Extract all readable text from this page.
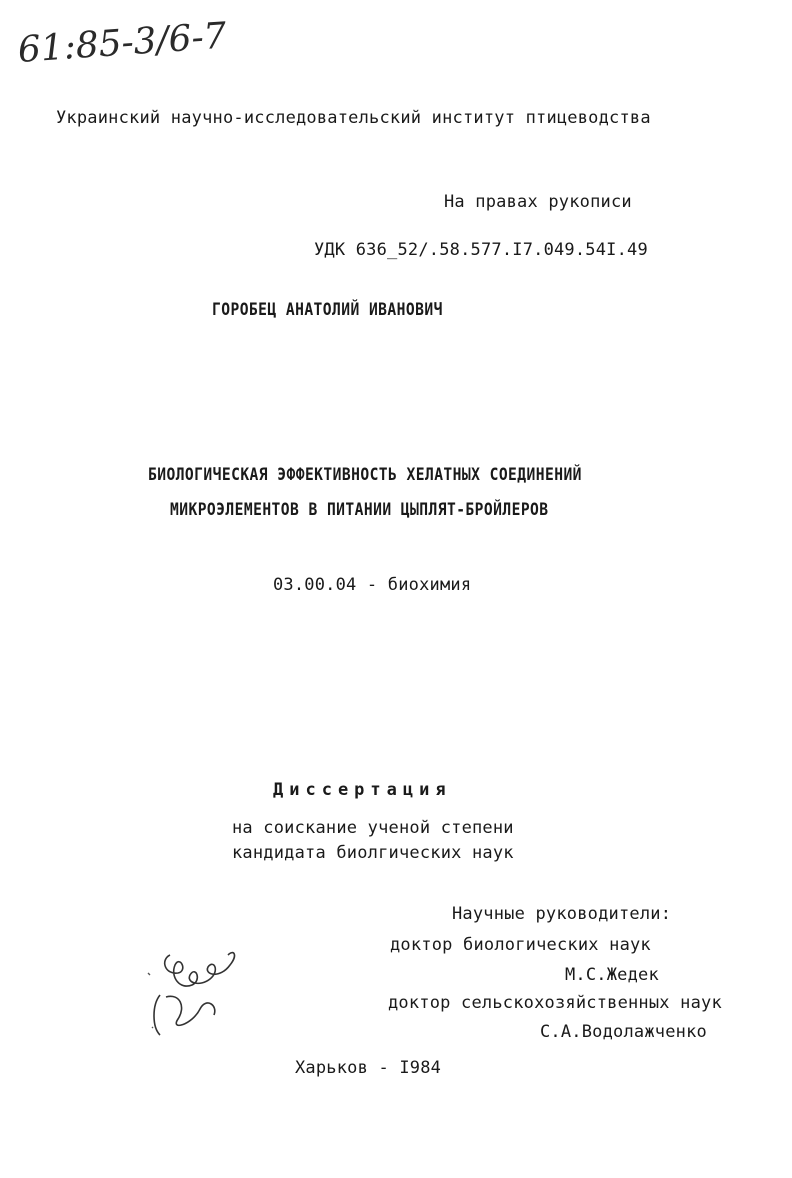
61:85-3/6-7
Украинский научно-исследовательский институт птицеводства
На правах рукописи
УДК 636_52/.58.577.I7.049.54I.49
ГОРОБЕЦ АНАТОЛИЙ ИВАНОВИЧ
БИОЛОГИЧЕСКАЯ ЭФФЕКТИВНОСТЬ ХЕЛАТНЫХ СОЕДИНЕНИЙ
МИКРОЭЛЕМЕНТОВ В ПИТАНИИ ЦЫПЛЯТ-БРОЙЛЕРОВ
03.00.04 - биохимия
Диссертация
на соискание ученой степени
кандидата биолгических наук
Научные руководители:
доктор биологических наук
М.С.Жедек
доктор сельскохозяйственных наук
С.А.Водолажченко
Харьков - I984
